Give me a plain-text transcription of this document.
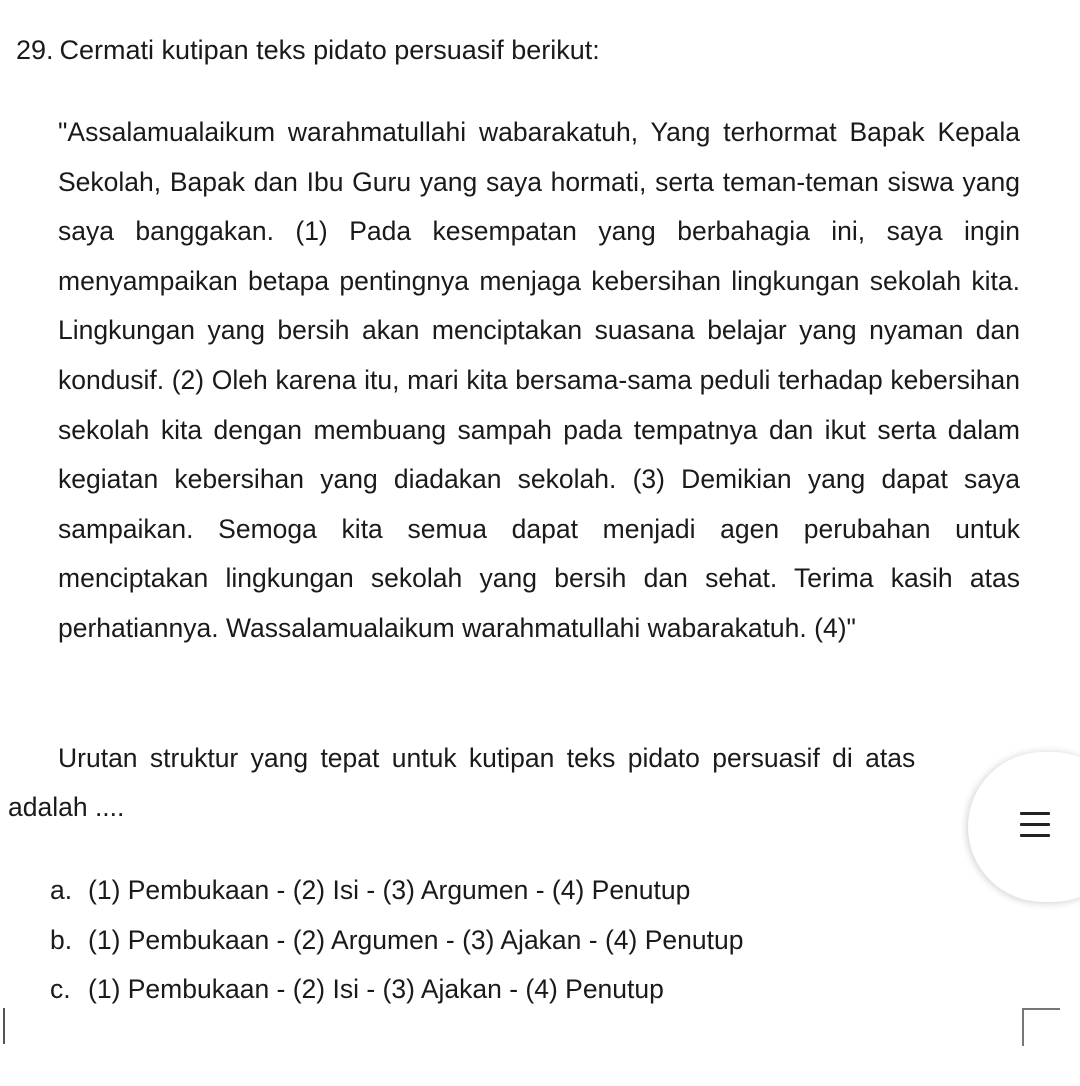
29. Cermati kutipan teks pidato persuasif berikut:

"Assalamualaikum warahmatullahi wabarakatuh, Yang terhormat Bapak Kepala Sekolah, Bapak dan Ibu Guru yang saya hormati, serta teman-teman siswa yang saya banggakan. (1) Pada kesempatan yang berbahagia ini, saya ingin menyampaikan betapa pentingnya menjaga kebersihan lingkungan sekolah kita. Lingkungan yang bersih akan menciptakan suasana belajar yang nyaman dan kondusif. (2) Oleh karena itu, mari kita bersama-sama peduli terhadap kebersihan sekolah kita dengan membuang sampah pada tempatnya dan ikut serta dalam kegiatan kebersihan yang diadakan sekolah. (3) Demikian yang dapat saya sampaikan. Semoga kita semua dapat menjadi agen perubahan untuk menciptakan lingkungan sekolah yang bersih dan sehat. Terima kasih atas perhatiannya. Wassalamualaikum warahmatullahi wabarakatuh. (4)"

Urutan struktur yang tepat untuk kutipan teks pidato persuasif di atas
adalah ....
a. (1) Pembukaan - (2) Isi - (3) Argumen - (4) Penutup
b. (1) Pembukaan - (2) Argumen - (3) Ajakan - (4) Penutup
c. (1) Pembukaan - (2) Isi - (3) Ajakan - (4) Penutup
